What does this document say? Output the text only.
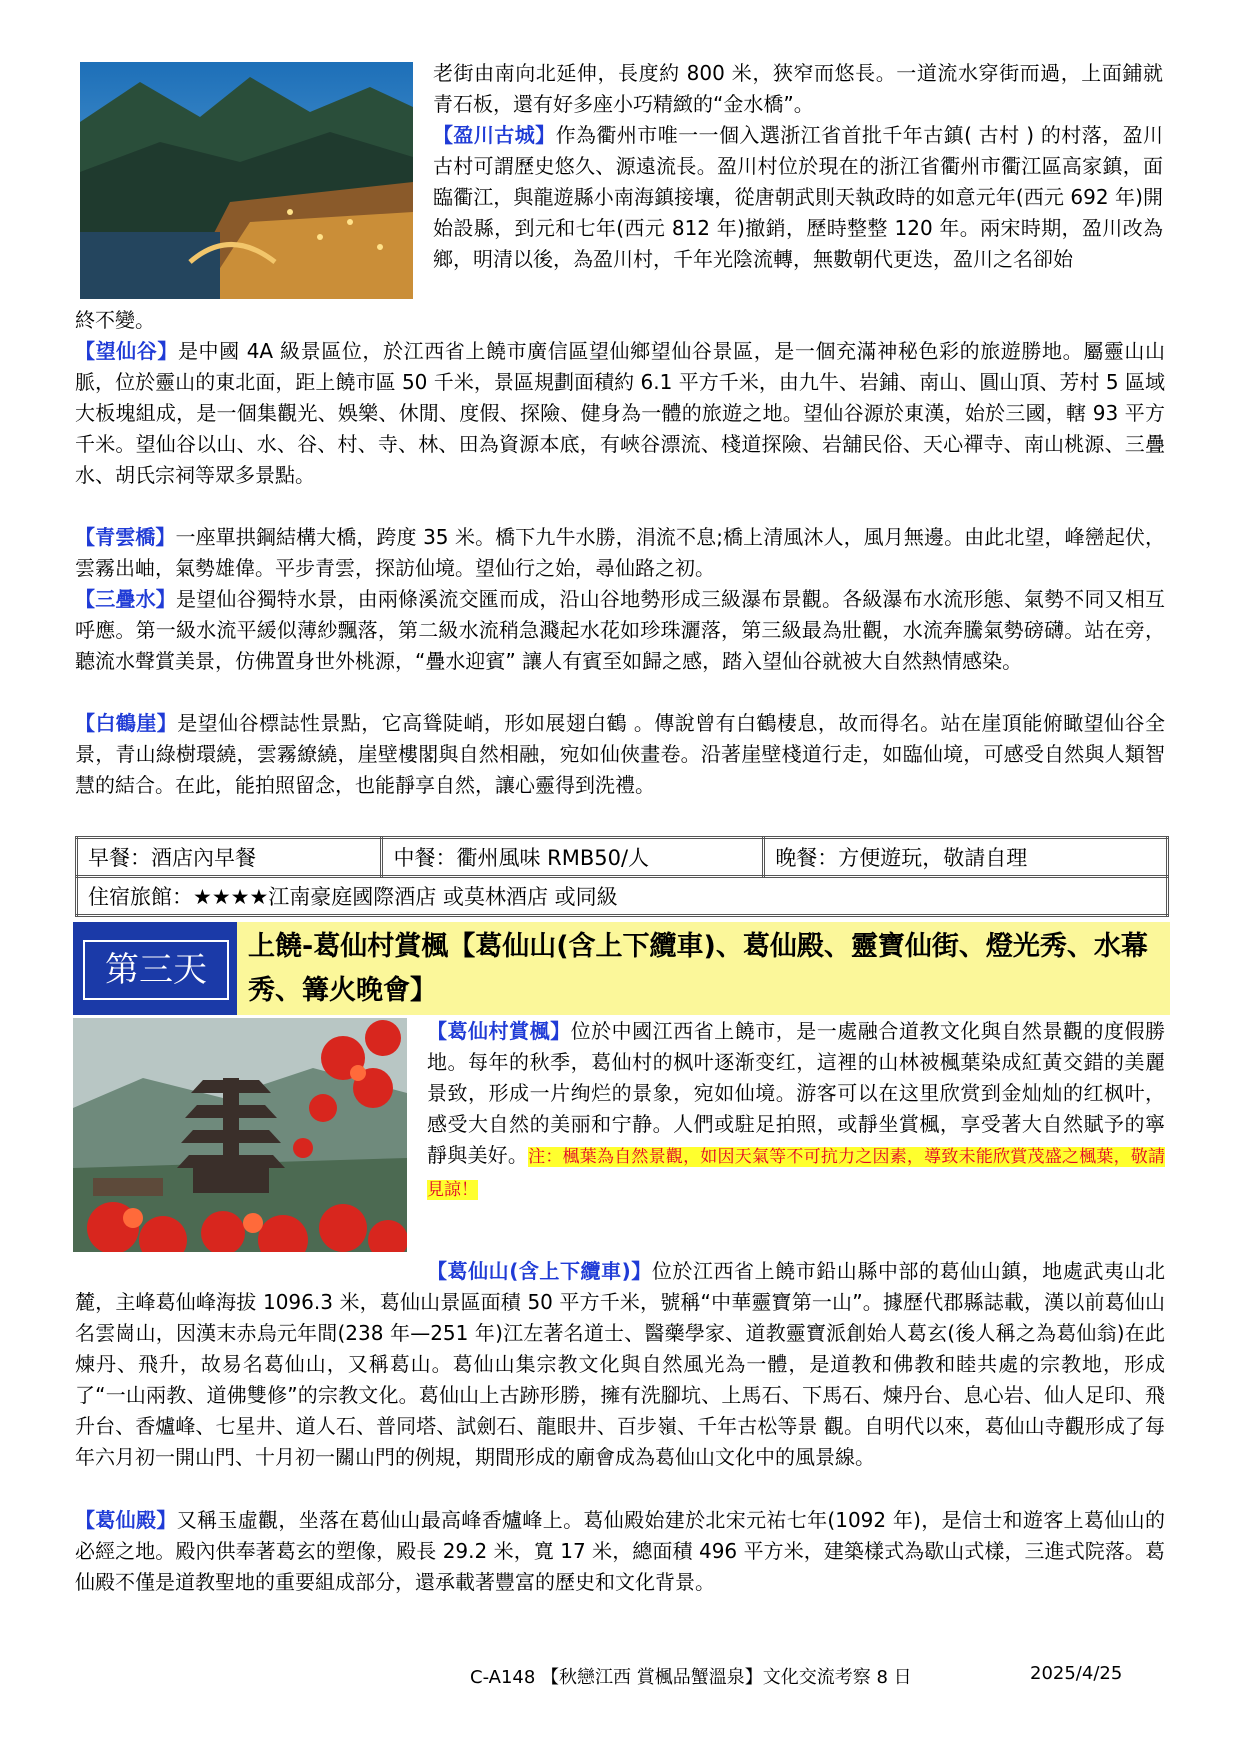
老街由南向北延伸，長度約 800 米，狹窄而悠長。一道流水穿街而過，上面鋪就青石板，還有好多座小巧精緻的“金水橋”。
【盈川古城】作為衢州市唯一一個入選浙江省首批千年古鎮( 古村 ) 的村落，盈川古村可謂歷史悠久、源遠流長。盈川村位於現在的浙江省衢州市衢江區高家鎮，面臨衢江，與龍遊縣小南海鎮接壤，從唐朝武則天執政時的如意元年(西元 692 年)開始設縣，到元和七年(西元 812 年)撤銷，歷時整整 120 年。兩宋時期，盈川改為鄉，明清以後，為盈川村，千年光陰流轉，無數朝代更迭，盈川之名卻始

終不變。

【望仙谷】是中國 4A 級景區位，於江西省上饒市廣信區望仙鄉望仙谷景區，是一個充滿神秘色彩的旅遊勝地。屬靈山山脈，位於靈山的東北面，距上饒市區 50 千米，景區規劃面積約 6.1 平方千米，由九牛、岩鋪、南山、圓山頂、芳村 5 區域大板塊組成，是一個集觀光、娛樂、休閒、度假、探險、健身為一體的旅遊之地。望仙谷源於東漢，始於三國，轄 93 平方千米。望仙谷以山、水、谷、村、寺、林、田為資源本底，有峽谷漂流、棧道探險、岩舖民俗、天心禪寺、南山桃源、三疊水、胡氏宗祠等眾多景點。

【青雲橋】一座單拱鋼結構大橋，跨度 35 米。橋下九牛水勝，涓流不息;橋上清風沐人，風月無邊。由此北望，峰巒起伏，雲霧出岫，氣勢雄偉。平步青雲，探訪仙境。望仙行之始，尋仙路之初。

【三疊水】是望仙谷獨特水景，由兩條溪流交匯而成，沿山谷地勢形成三級瀑布景觀。各級瀑布水流形態、氣勢不同又相互呼應。第一級水流平緩似薄紗飄落，第二級水流稍急濺起水花如珍珠灑落，第三級最為壯觀，水流奔騰氣勢磅礴。站在旁，聽流水聲賞美景，仿佛置身世外桃源，“疊水迎賓” 讓人有賓至如歸之感，踏入望仙谷就被大自然熱情感染。

【白鶴崖】是望仙谷標誌性景點，它高聳陡峭，形如展翅白鶴 。傳說曾有白鶴棲息，故而得名。站在崖頂能俯瞰望仙谷全景，青山綠樹環繞，雲霧繚繞，崖壁樓閣與自然相融，宛如仙俠畫卷。沿著崖壁棧道行走，如臨仙境，可感受自然與人類智慧的結合。在此，能拍照留念，也能靜享自然，讓心靈得到洗禮。

早餐：酒店內早餐	中餐：衢州風味 RMB50/人	晚餐：方便遊玩，敬請自理
住宿旅館：★★★★江南豪庭國際酒店 或莫林酒店 或同級
第三天
上饒-葛仙村賞楓【葛仙山(含上下纜車)、葛仙殿、靈寶仙街、燈光秀、水幕秀、篝火晚會】

【葛仙村賞楓】位於中國江西省上饒市，是一處融合道教文化與自然景觀的度假勝地。每年的秋季，葛仙村的枫叶逐渐变红，這裡的山林被楓葉染成紅黃交錯的美麗景致，形成一片绚烂的景象，宛如仙境。游客可以在这里欣赏到金灿灿的红枫叶，感受大自然的美丽和宁静。人們或駐足拍照，或靜坐賞楓，享受著大自然賦予的寧靜與美好。注：楓葉為自然景觀，如因天氣等不可抗力之因素，導致未能欣賞茂盛之楓葉，敬請見諒！

【葛仙山(含上下纜車)】位於江西省上饒市鉛山縣中部的葛仙山鎮，地處武夷山北麓，主峰葛仙峰海拔 1096.3 米，葛仙山景區面積 50 平方千米，號稱“中華靈寶第一山”。據歷代郡縣誌載，漢以前葛仙山名雲崗山，因漢末赤烏元年間(238 年—251 年)江左著名道士、醫藥學家、道教靈寶派創始人葛玄(後人稱之為葛仙翁)在此煉丹、飛升，故易名葛仙山，又稱葛山。葛仙山集宗教文化與自然風光為一體，是道教和佛教和睦共處的宗教地，形成了“一山兩教、道佛雙修”的宗教文化。葛仙山上古跡形勝，擁有洗腳坑、上馬石、下馬石、煉丹台、息心岩、仙人足印、飛升台、香爐峰、七星井、道人石、普同塔、試劍石、龍眼井、百步嶺、千年古松等景 觀。自明代以來，葛仙山寺觀形成了每年六月初一開山門、十月初一關山門的例規，期間形成的廟會成為葛仙山文化中的風景線。

【葛仙殿】又稱玉虛觀，坐落在葛仙山最高峰香爐峰上。葛仙殿始建於北宋元祐七年(1092 年)，是信士和遊客上葛仙山的必經之地。殿內供奉著葛玄的塑像，殿長 29.2 米，寬 17 米，總面積 496 平方米，建築樣式為歇山式樣，三進式院落。葛仙殿不僅是道教聖地的重要組成部分，還承載著豐富的歷史和文化背景。

C-A148 【秋戀江西 賞楓品蟹溫泉】文化交流考察 8 日	2025/4/25
